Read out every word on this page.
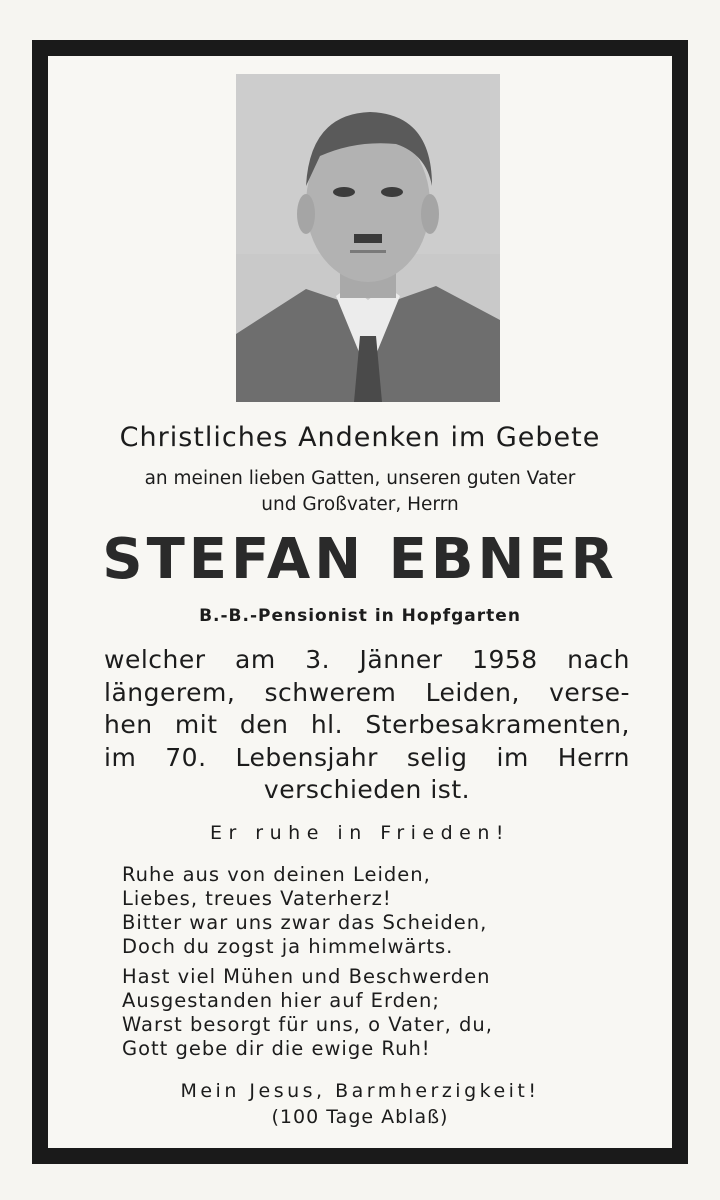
Christliches Andenken im Gebete
an meinen lieben Gatten, unseren guten Vater
und Großvater, Herrn
STEFAN EBNER
B.-B.-Pensionist in Hopfgarten
welcher am 3. Jänner 1958 nach
längerem, schwerem Leiden, verse-
hen mit den hl. Sterbesakramenten,
im 70. Lebensjahr selig im Herrn
verschieden ist.
Er ruhe in Frieden!
Ruhe aus von deinen Leiden,
Liebes, treues Vaterherz!
Bitter war uns zwar das Scheiden,
Doch du zogst ja himmelwärts.
Hast viel Mühen und Beschwerden
Ausgestanden hier auf Erden;
Warst besorgt für uns, o Vater, du,
Gott gebe dir die ewige Ruh!
Mein Jesus, Barmherzigkeit!
(100 Tage Ablaß)
